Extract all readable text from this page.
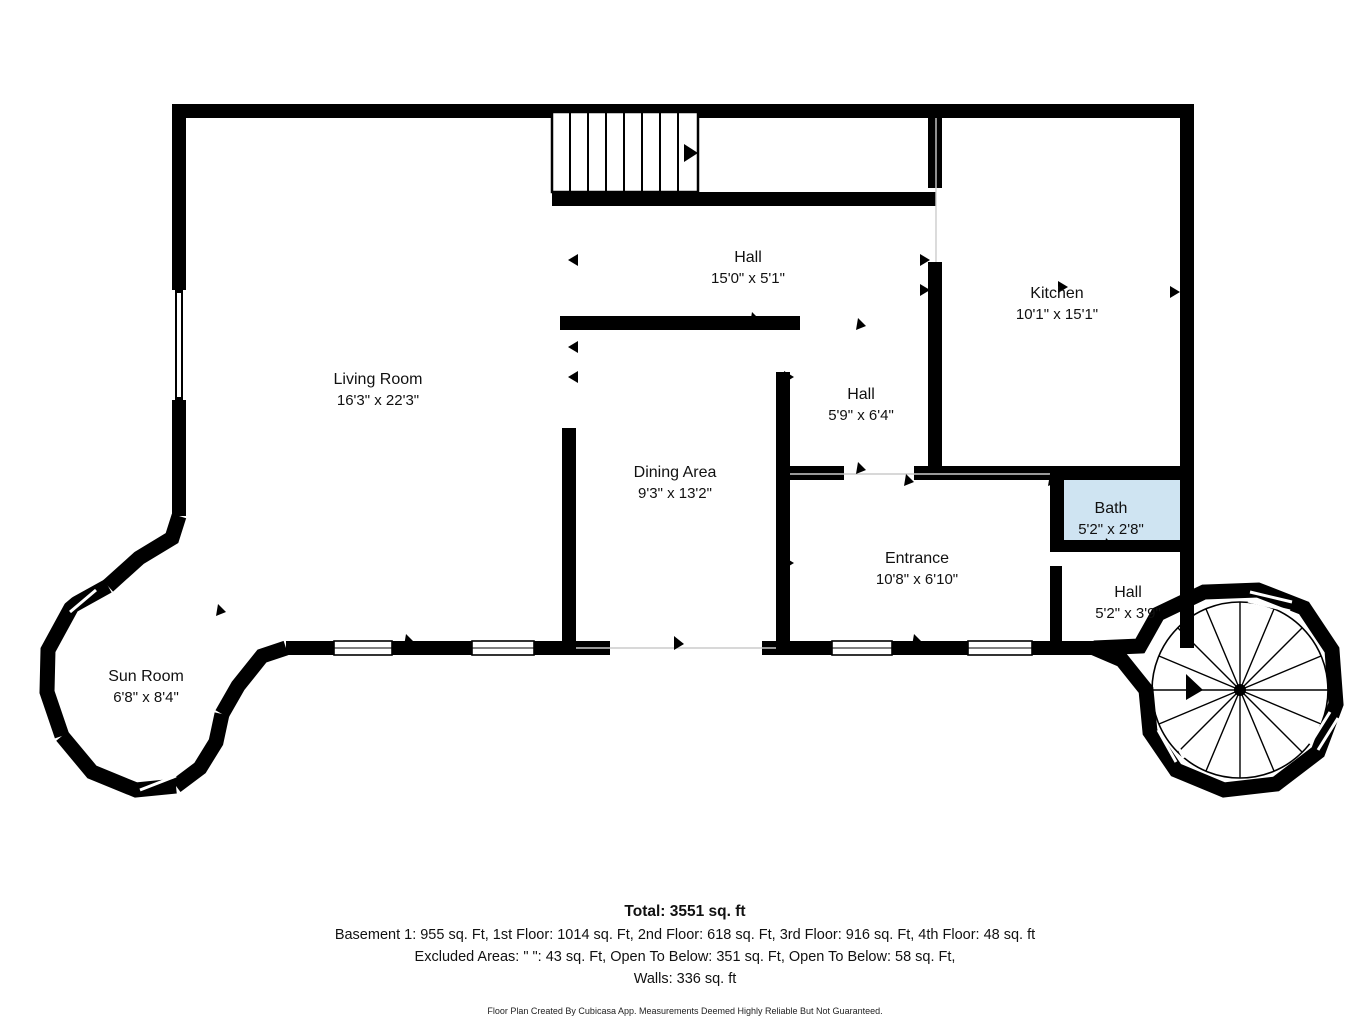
Hall
15'0" x 5'1"
Kitchen
10'1" x 15'1"
Living Room
16'3" x 22'3"	Hall
5'9" x 6'4"
Dining Area
9'3" x 13'2"
Bath
5'2" x 2'8"
Entrance
10'8" x 6'10"
Hall
5'2" x 3'9"
Sun Room
6'8" x 8'4"
Total: 3551 sq. ft
Basement 1: 955 sq. Ft, 1st Floor: 1014 sq. Ft, 2nd Floor: 618 sq. Ft, 3rd Floor: 916 sq. Ft, 4th Floor: 48 sq. ft
Excluded Areas: " ": 43 sq. Ft, Open To Below: 351 sq. Ft, Open To Below: 58 sq. Ft,
Walls: 336 sq. ft
Floor Plan Created By Cubicasa App. Measurements Deemed Highly Reliable But Not Guaranteed.
